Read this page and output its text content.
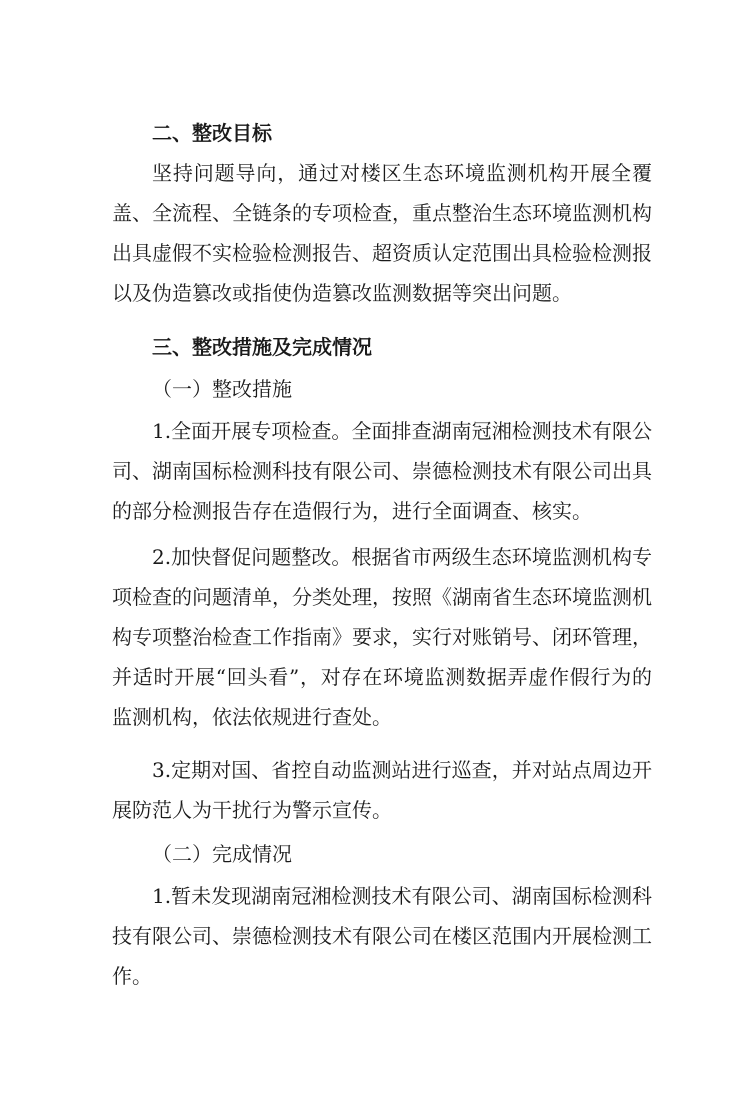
二、整改目标
坚持问题导向，通过对楼区生态环境监测机构开展全覆盖、全流程、全链条的专项检查，重点整治生态环境监测机构出具虚假不实检验检测报告、超资质认定范围出具检验检测报以及伪造篡改或指使伪造篡改监测数据等突出问题。
三、整改措施及完成情况
（一）整改措施
1.全面开展专项检查。全面排查湖南冠湘检测技术有限公司、湖南国标检测科技有限公司、崇德检测技术有限公司出具的部分检测报告存在造假行为，进行全面调查、核实。
2.加快督促问题整改。根据省市两级生态环境监测机构专项检查的问题清单，分类处理，按照《湖南省生态环境监测机构专项整治检查工作指南》要求，实行对账销号、闭环管理，并适时开展“回头看”，对存在环境监测数据弄虚作假行为的监测机构，依法依规进行查处。
3.定期对国、省控自动监测站进行巡查，并对站点周边开展防范人为干扰行为警示宣传。
（二）完成情况
1.暂未发现湖南冠湘检测技术有限公司、湖南国标检测科技有限公司、崇德检测技术有限公司在楼区范围内开展检测工作。
